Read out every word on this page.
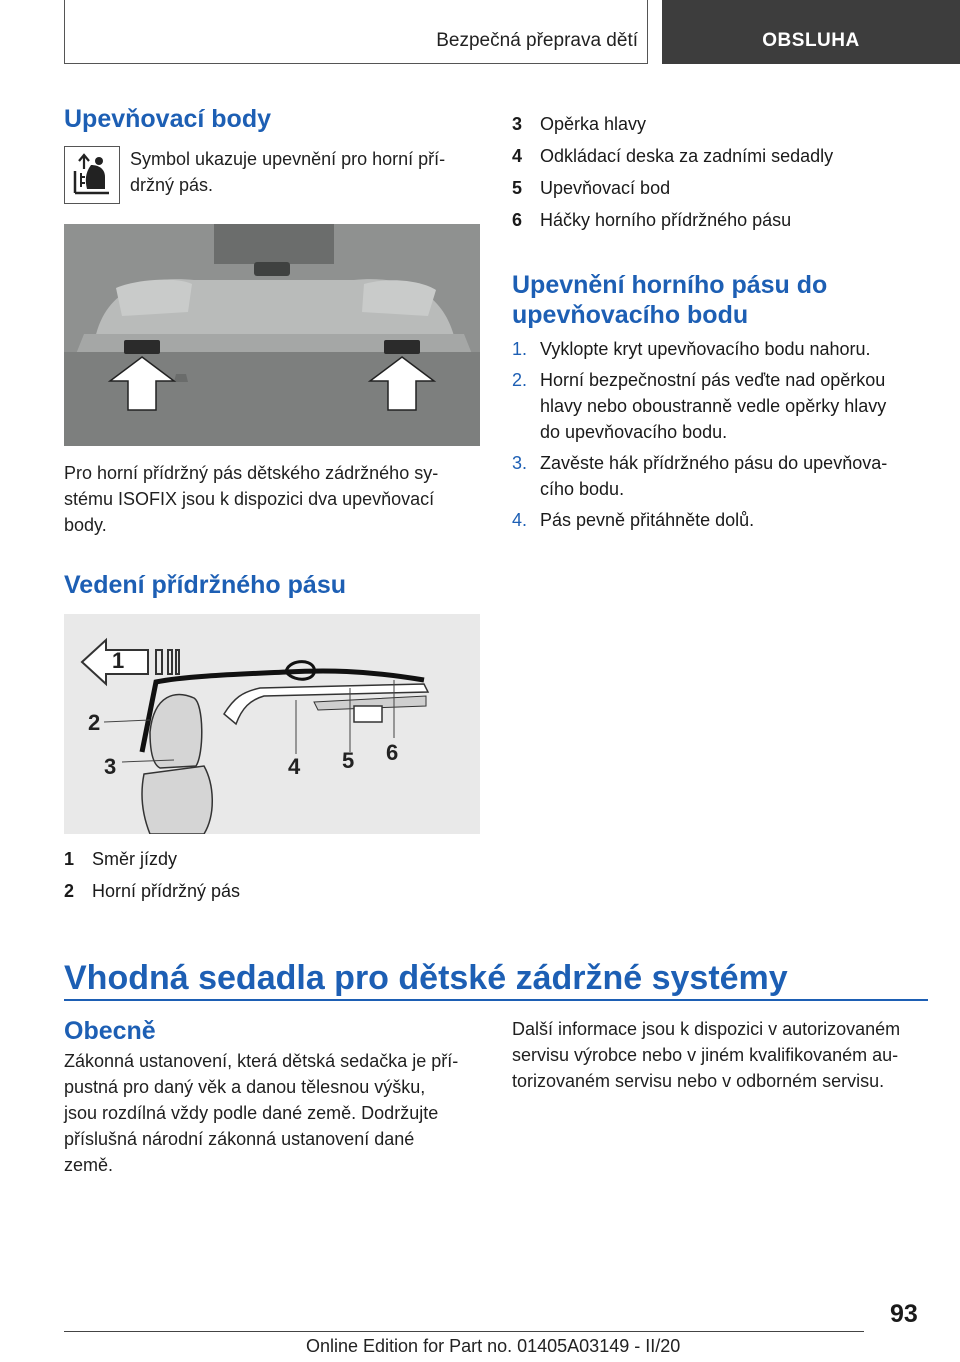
Bezpečná přeprava dětí	OBSLUHA
Upevňovací body
Symbol ukazuje upevnění pro horní pří-
držný pás.
Pro horní přídržný pás dětského zádržného sy-
stému ISOFIX jsou k dispozici dva upevňovací
body.
Vedení přídržného pásu
1
2
3	4 5 6
1 Směr jízdy
2 Horní přídržný pás
3 Opěrka hlavy
4 Odkládací deska za zadními sedadly
5 Upevňovací bod
6 Háčky horního přídržného pásu
Upevnění horního pásu do
upevňovacího bodu
1. Vyklopte kryt upevňovacího bodu nahoru.
2. Horní bezpečnostní pás veďte nad opěrkou
hlavy nebo oboustranně vedle opěrky hlavy
do upevňovacího bodu.
3. Zavěste hák přídržného pásu do upevňova-
cího bodu.
4. Pás pevně přitáhněte dolů.
Vhodná sedadla pro dětské zádržné systémy
Obecně
Zákonná ustanovení, která dětská sedačka je pří-
pustná pro daný věk a danou tělesnou výšku,
jsou rozdílná vždy podle dané země. Dodržujte
příslušná národní zákonná ustanovení dané
země.
Další informace jsou k dispozici v autorizovaném
servisu výrobce nebo v jiném kvalifikovaném au-
torizovaném servisu nebo v odborném servisu.
93
Online Edition for Part no. 01405A03149 - II/20
